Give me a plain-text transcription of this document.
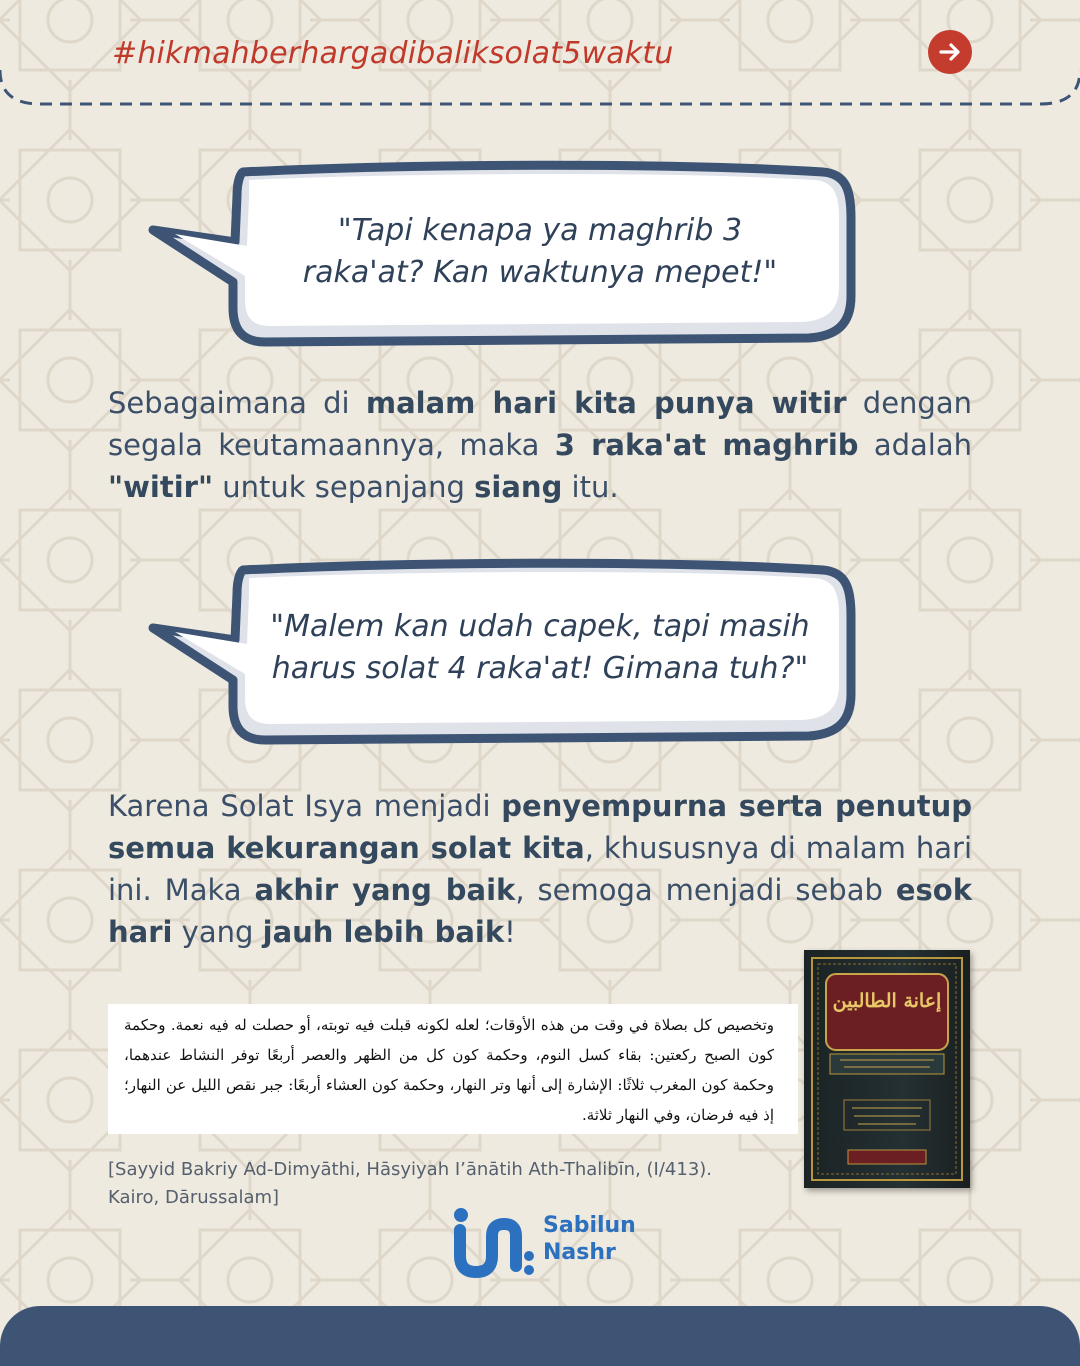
#hikmahberhargadibaliksolat5waktu
"Tapi kenapa ya maghrib 3
raka'at? Kan waktunya mepet!"
Sebagaimana di malam hari kita punya witir dengan segala keutamaannya, maka 3 raka'at maghrib adalah "witir" untuk sepanjang siang itu.
"Malem kan udah capek, tapi masih
harus solat 4 raka'at! Gimana tuh?"
Karena Solat Isya menjadi penyempurna serta penutup semua kekurangan solat kita, khususnya di malam hari ini. Maka akhir yang baik, semoga menjadi sebab esok hari yang jauh lebih baik!
وتخصيص كل بصلاة في وقت من هذه الأوقات؛ لعله لكونه قبلت فيه توبته، أو حصلت له فيه نعمة. وحكمة كون الصبح ركعتين: بقاء كسل النوم، وحكمة كون كل من الظهر والعصر أربعًا توفر النشاط عندهما، وحكمة كون المغرب ثلاثًا: الإشارة إلى أنها وتر النهار، وحكمة كون العشاء أربعًا: جبر نقص الليل عن النهار؛ إذ فيه فرضان، وفي النهار ثلاثة.
[Sayyid Bakriy Ad-Dimyāthi, Hāsyiyah I’ānātih Ath-Thalibīn, (I/413).
Kairo, Dārussalam]
إعانة الطالبين
Sabilun
Nashr
